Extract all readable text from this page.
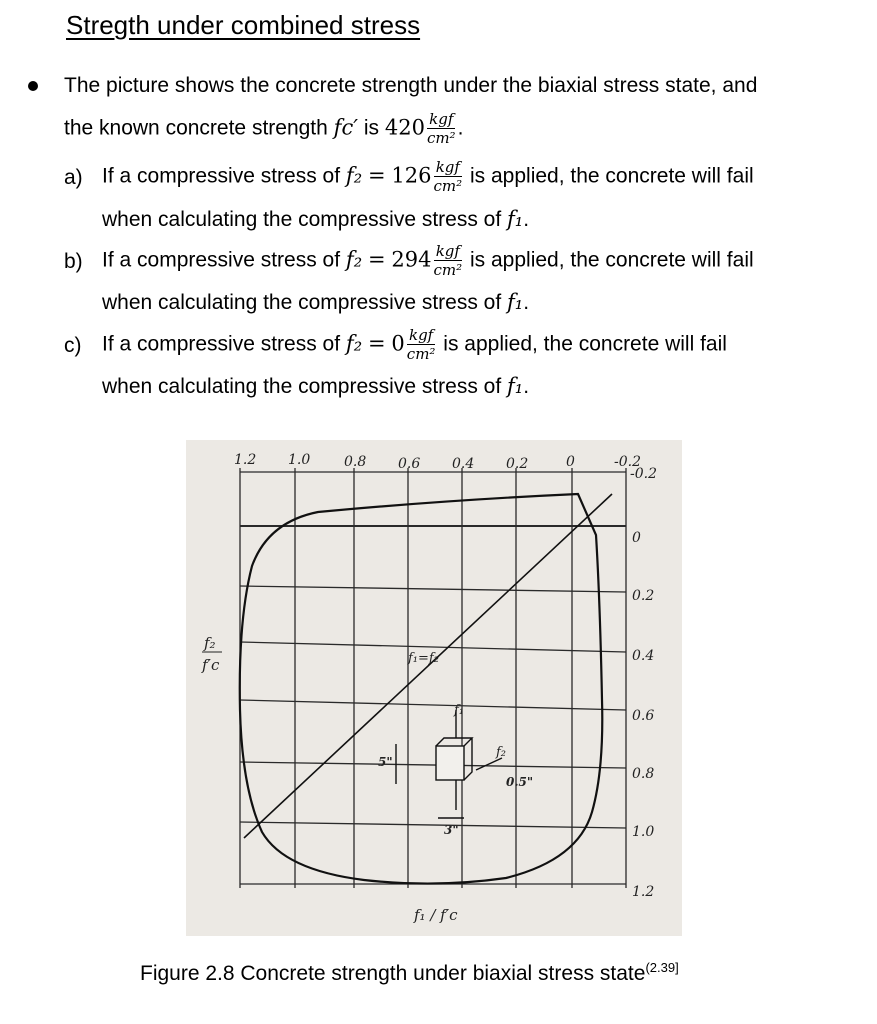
Stregth under combined stress
The picture shows the concrete strength under the biaxial stress state, and
the known concrete strength fc′ is $420 \frac{\text{kgf}}{\text{cm²}}$ .
a) If a compressive stress of $f_2 = 126 \frac{\text{kgf}}{\text{cm²}}$ is applied, the concrete will fail
when calculating the compressive stress of f₁.
b) If a compressive stress of $f_2 = 294 \frac{\text{kgf}}{\text{cm²}}$ is applied, the concrete will fail
when calculating the compressive stress of f₁.
c) If a compressive stress of $f_2 = 0 \frac{\text{kgf}}{\text{cm²}}$ is applied, the concrete will fail
when calculating the compressive stress of f₁.
1.2 1.0 0.8 0.6 0.4 0.2	0	-0.2
-0.2
0
0.2
0.4
0.6
0.8
1.0
1.2
f₂
f′c
f₁ / f′c
f₁=f₂
f₁
f₂
5"
3"
0.5"
Figure 2.8 Concrete strength under biaxial stress state$^{(2.39]}$
